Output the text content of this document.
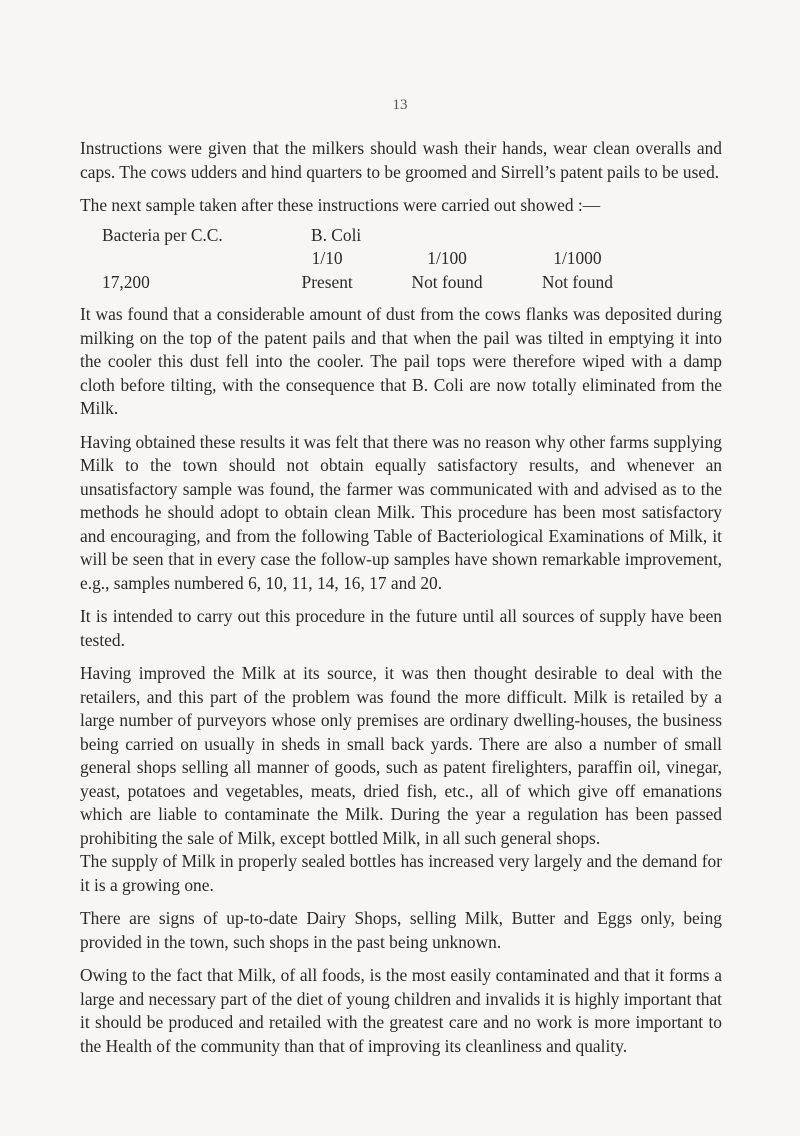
13

Instructions were given that the milkers should wash their hands, wear clean overalls and caps. The cows udders and hind quarters to be groomed and Sirrell’s patent pails to be used.

The next sample taken after these instructions were carried out showed :—

Bacteria per C.C.	B. Coli		
	1/10	1/100	1/1000
17,200	Present	Not found	Not found

It was found that a considerable amount of dust from the cows flanks was deposited during milking on the top of the patent pails and that when the pail was tilted in emptying it into the cooler this dust fell into the cooler. The pail tops were therefore wiped with a damp cloth before tilting, with the consequence that B. Coli are now totally eliminated from the Milk.

Having obtained these results it was felt that there was no reason why other farms supplying Milk to the town should not obtain equally satisfactory results, and whenever an unsatisfactory sample was found, the farmer was communicated with and advised as to the methods he should adopt to obtain clean Milk. This procedure has been most satisfactory and encouraging, and from the following Table of Bacteriological Examinations of Milk, it will be seen that in every case the follow-up samples have shown remarkable improvement, e.g., samples numbered 6, 10, 11, 14, 16, 17 and 20.

It is intended to carry out this procedure in the future until all sources of supply have been tested.

Having improved the Milk at its source, it was then thought desirable to deal with the retailers, and this part of the problem was found the more difficult. Milk is retailed by a large number of purveyors whose only premises are ordinary dwelling-houses, the business being carried on usually in sheds in small back yards. There are also a number of small general shops selling all manner of goods, such as patent firelighters, paraffin oil, vinegar, yeast, potatoes and vegetables, meats, dried fish, etc., all of which give off emanations which are liable to contaminate the Milk. During the year a regulation has been passed prohibiting the sale of Milk, except bottled Milk, in all such general shops.

The supply of Milk in properly sealed bottles has increased very largely and the demand for it is a growing one.

There are signs of up-to-date Dairy Shops, selling Milk, Butter and Eggs only, being provided in the town, such shops in the past being unknown.

Owing to the fact that Milk, of all foods, is the most easily contaminated and that it forms a large and necessary part of the diet of young children and invalids it is highly important that it should be produced and retailed with the greatest care and no work is more important to the Health of the community than that of improving its cleanliness and quality.
